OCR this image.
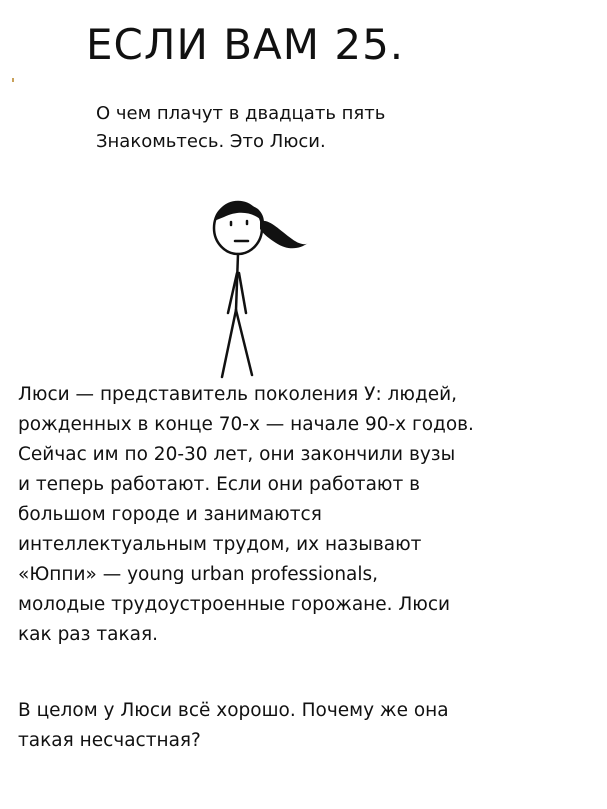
ЕСЛИ ВАМ 25.
О чем плачут в двадцать пять
Знакомьтесь. Это Люси.
Люси — представитель поколения У: людей,
рожденных в конце 70-х — начале 90-х годов.
Сейчас им по 20-30 лет, они закончили вузы
и теперь работают. Если они работают в
большом городе и занимаются
интеллектуальным трудом, их называют
«Юппи» — young urban professionals,
молодые трудоустроенные горожане. Люси
как раз такая.
В целом у Люси всё хорошо. Почему же она
такая несчастная?
